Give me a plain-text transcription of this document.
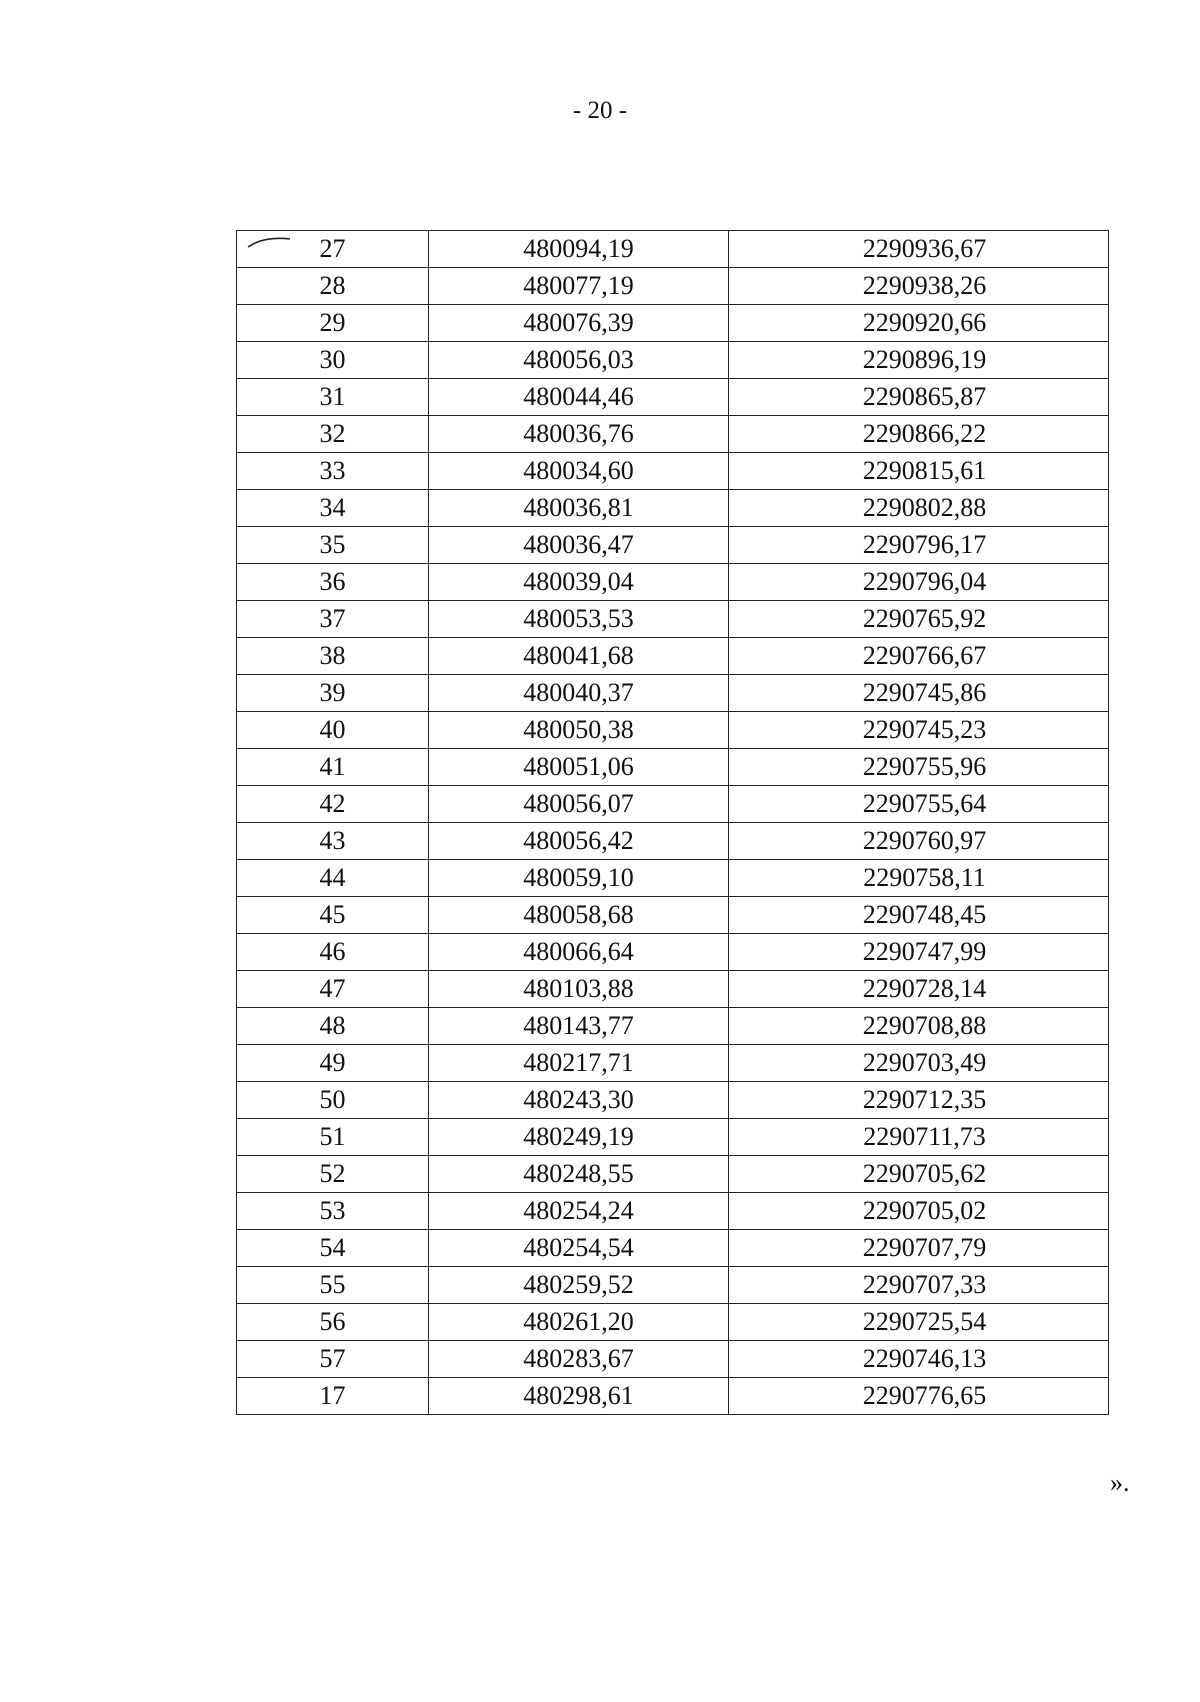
- 20 -
27	480094,19	2290936,67
28	480077,19	2290938,26
29	480076,39	2290920,66
30	480056,03	2290896,19
31	480044,46	2290865,87
32	480036,76	2290866,22
33	480034,60	2290815,61
34	480036,81	2290802,88
35	480036,47	2290796,17
36	480039,04	2290796,04
37	480053,53	2290765,92
38	480041,68	2290766,67
39	480040,37	2290745,86
40	480050,38	2290745,23
41	480051,06	2290755,96
42	480056,07	2290755,64
43	480056,42	2290760,97
44	480059,10	2290758,11
45	480058,68	2290748,45
46	480066,64	2290747,99
47	480103,88	2290728,14
48	480143,77	2290708,88
49	480217,71	2290703,49
50	480243,30	2290712,35
51	480249,19	2290711,73
52	480248,55	2290705,62
53	480254,24	2290705,02
54	480254,54	2290707,79
55	480259,52	2290707,33
56	480261,20	2290725,54
57	480283,67	2290746,13
17	480298,61	2290776,65
».
